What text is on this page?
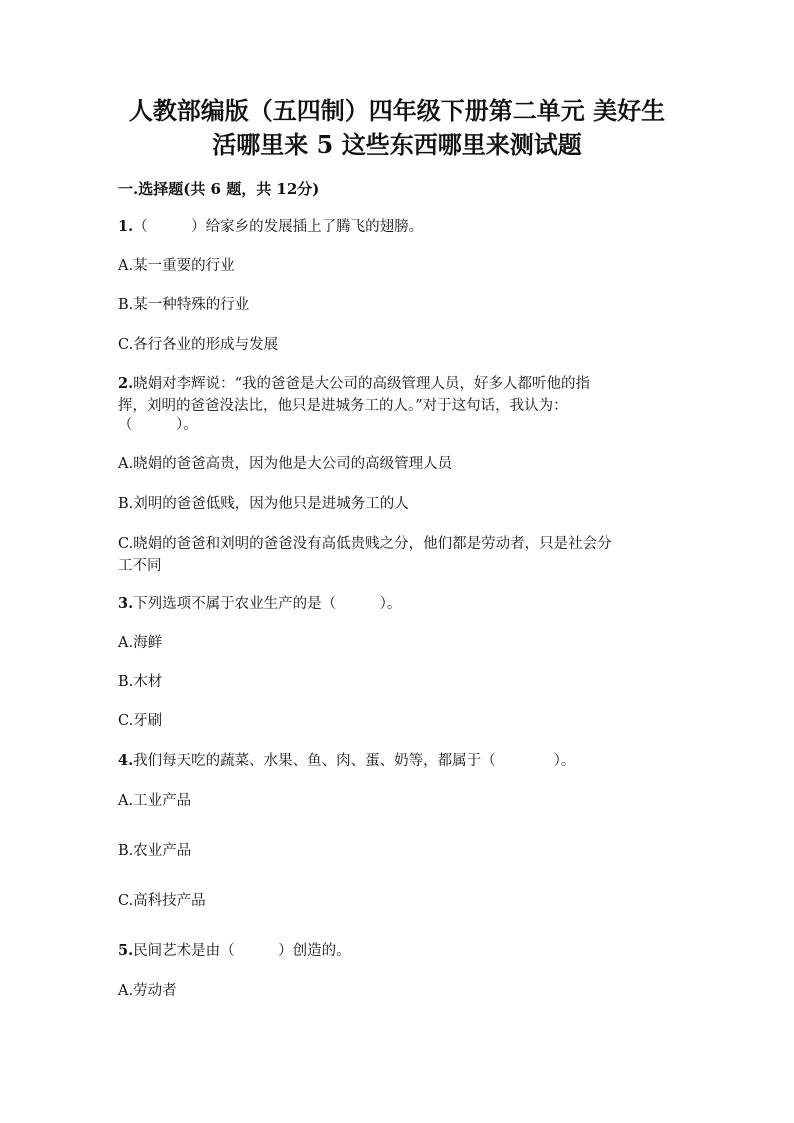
人教部编版（五四制）四年级下册第二单元 美好生
活哪里来 5 这些东西哪里来测试题

一.选择题(共 6 题，共 12分)

1.（　　　）给家乡的发展插上了腾飞的翅膀。

A.某一重要的行业

B.某一种特殊的行业

C.各行各业的形成与发展

2.晓娟对李辉说：“我的爸爸是大公司的高级管理人员，好多人都听他的指

挥，刘明的爸爸没法比，他只是进城务工的人。”对于这句话，我认为：

（　　　）。

A.晓娟的爸爸高贵，因为他是大公司的高级管理人员

B.刘明的爸爸低贱，因为他只是进城务工的人

C.晓娟的爸爸和刘明的爸爸没有高低贵贱之分，他们都是劳动者，只是社会分

工不同

3.下列选项不属于农业生产的是（　　　）。

A.海鲜

B.木材

C.牙刷

4.我们每天吃的蔬菜、水果、鱼、肉、蛋、奶等，都属于（　　　　）。

A.工业产品

B.农业产品

C.高科技产品

5.民间艺术是由（　　　）创造的。

A.劳动者
